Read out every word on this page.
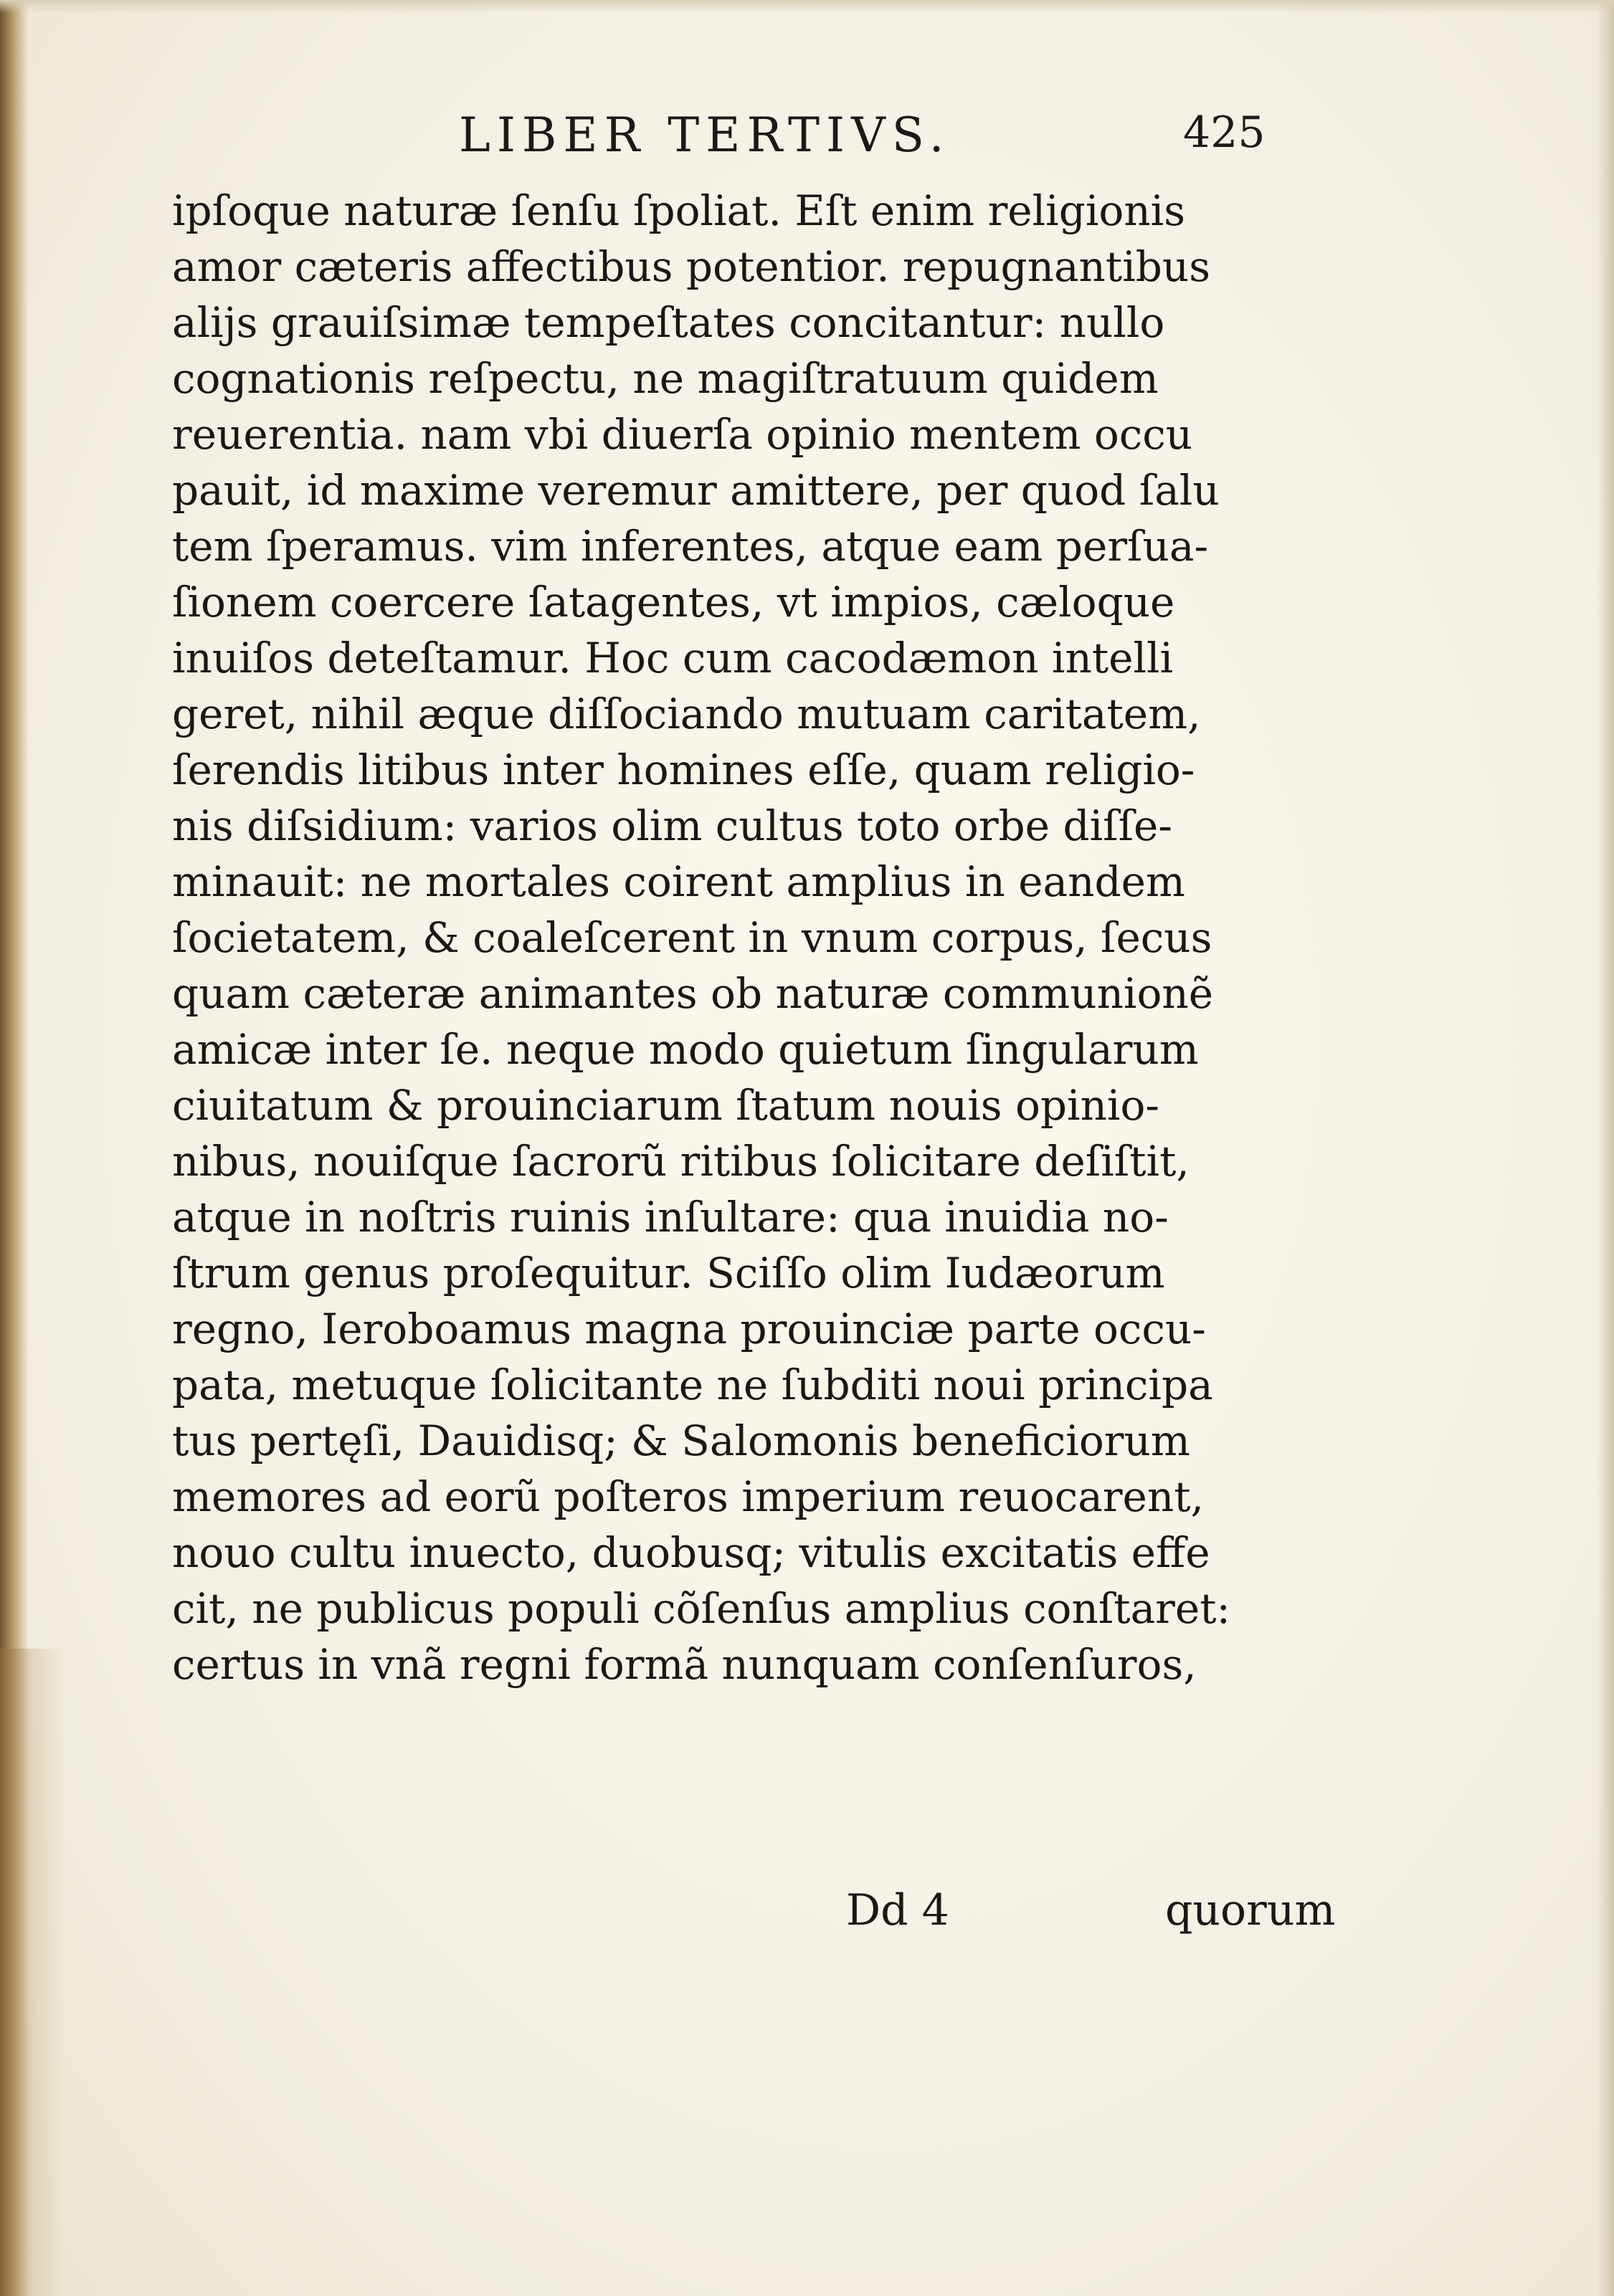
LIBER TERTIVS.	425
ipſoque naturæ ſenſu ſpoliat. Eſt enim religionis
amor cæteris affectibus potentior. repugnantibus
alijs grauiſsimæ tempeſtates concitantur: nullo
cognationis reſpectu, ne magiſtratuum quidem
reuerentia. nam vbi diuerſa opinio mentem occu
pauit, id maxime veremur amittere, per quod ſalu
tem ſperamus. vim inferentes, atque eam perſua-
ſionem coercere ſatagentes, vt impios, cæloque
inuiſos deteſtamur. Hoc cum cacodæmon intelli
geret, nihil æque diſſociando mutuam caritatem,
ſerendis litibus inter homines eſſe, quam religio-
nis diſsidium: varios olim cultus toto orbe diſſe-
minauit: ne mortales coirent amplius in eandem
ſocietatem, & coaleſcerent in vnum corpus, ſecus
quam cæteræ animantes ob naturæ communionẽ
amicæ inter ſe. neque modo quietum ſingularum
ciuitatum & prouinciarum ſtatum nouis opinio-
nibus, nouiſque ſacrorũ ritibus ſolicitare deſiſtit,
atque in noſtris ruinis inſultare: qua inuidia no-
ſtrum genus proſequitur. Sciſſo olim Iudæorum
regno, Ieroboamus magna prouinciæ parte occu-
pata, metuque ſolicitante ne ſubditi noui principa
tus pertęſi, Dauidisq; & Salomonis beneficiorum
memores ad eorũ poſteros imperium reuocarent,
nouo cultu inuecto, duobusq; vitulis excitatis effe
cit, ne publicus populi cõſenſus amplius conſtaret:
certus in vnã regni formã nunquam conſenſuros,
Dd 4	quorum
